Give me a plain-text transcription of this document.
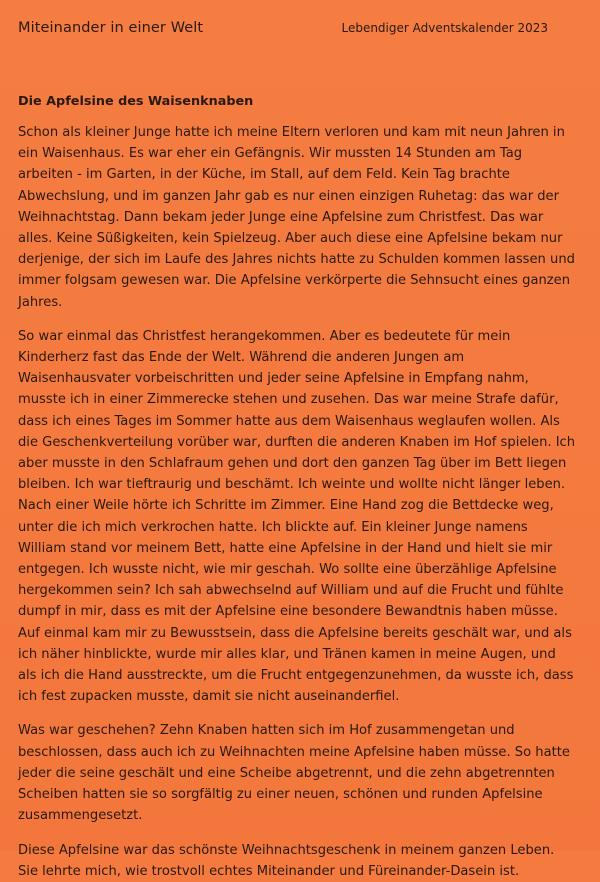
Miteinander in einer Welt	Lebendiger Adventskalender 2023
Die Apfelsine des Waisenknaben

Schon als kleiner Junge hatte ich meine Eltern verloren und kam mit neun Jahren in ein Waisenhaus. Es war eher ein Gefängnis. Wir mussten 14 Stunden am Tag arbeiten - im Garten, in der Küche, im Stall, auf dem Feld. Kein Tag brachte Abwechslung, und im ganzen Jahr gab es nur einen einzigen Ruhetag: das war der Weihnachtstag. Dann bekam jeder Junge eine Apfelsine zum Christfest. Das war alles. Keine Süßigkeiten, kein Spielzeug. Aber auch diese eine Apfelsine bekam nur derjenige, der sich im Laufe des Jahres nichts hatte zu Schulden kommen lassen und immer folgsam gewesen war. Die Apfelsine verkörperte die Sehnsucht eines ganzen Jahres.

So war einmal das Christfest herangekommen. Aber es bedeutete für mein Kinderherz fast das Ende der Welt. Während die anderen Jungen am Waisenhausvater vorbeischritten und jeder seine Apfelsine in Empfang nahm, musste ich in einer Zimmerecke stehen und zusehen. Das war meine Strafe dafür, dass ich eines Tages im Sommer hatte aus dem Waisenhaus weglaufen wollen. Als die Geschenkverteilung vorüber war, durften die anderen Knaben im Hof spielen. Ich aber musste in den Schlafraum gehen und dort den ganzen Tag über im Bett liegen bleiben. Ich war tieftraurig und beschämt. Ich weinte und wollte nicht länger leben.

Nach einer Weile hörte ich Schritte im Zimmer. Eine Hand zog die Bettdecke weg, unter die ich mich verkrochen hatte. Ich blickte auf. Ein kleiner Junge namens William stand vor meinem Bett, hatte eine Apfelsine in der Hand und hielt sie mir entgegen. Ich wusste nicht, wie mir geschah. Wo sollte eine überzählige Apfelsine hergekommen sein? Ich sah abwechselnd auf William und auf die Frucht und fühlte dumpf in mir, dass es mit der Apfelsine eine besondere Bewandtnis haben müsse. Auf einmal kam mir zu Bewusstsein, dass die Apfelsine bereits geschält war, und als ich näher hinblickte, wurde mir alles klar, und Tränen kamen in meine Augen, und als ich die Hand ausstreckte, um die Frucht entgegenzunehmen, da wusste ich, dass ich fest zupacken musste, damit sie nicht auseinanderfiel.

Was war geschehen? Zehn Knaben hatten sich im Hof zusammengetan und beschlossen, dass auch ich zu Weihnachten meine Apfelsine haben müsse. So hatte jeder die seine geschält und eine Scheibe abgetrennt, und die zehn abgetrennten Scheiben hatten sie so sorgfältig zu einer neuen, schönen und runden Apfelsine zusammengesetzt.

Diese Apfelsine war das schönste Weihnachtsgeschenk in meinem ganzen Leben. Sie lehrte mich, wie trostvoll echtes Miteinander und Füreinander-Dasein ist.
